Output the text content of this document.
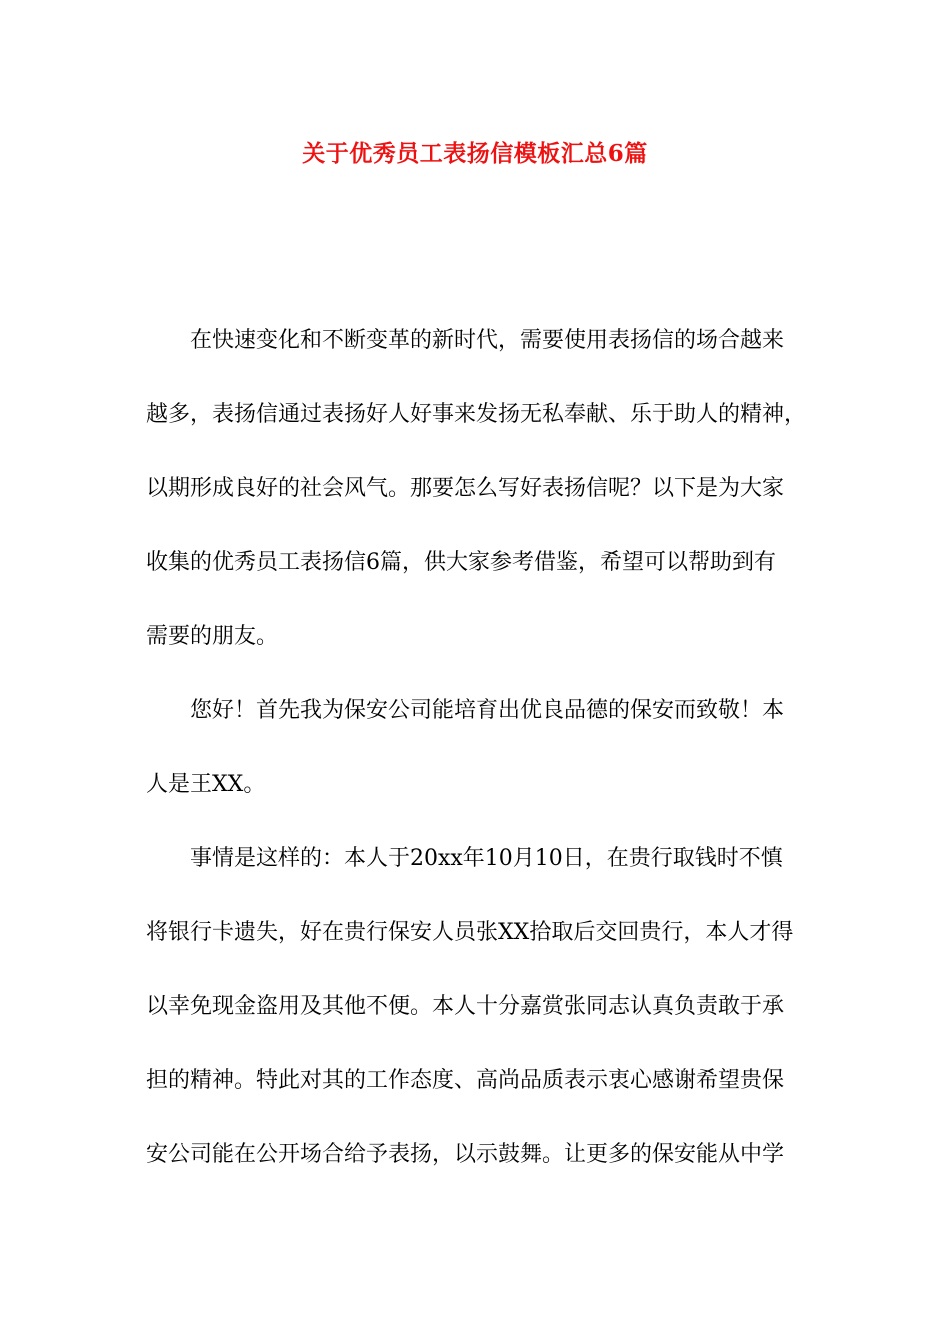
关于优秀员工表扬信模板汇总6篇
在快速变化和不断变革的新时代，需要使用表扬信的场合越来
越多，表扬信通过表扬好人好事来发扬无私奉献、乐于助人的精神，
以期形成良好的社会风气。那要怎么写好表扬信呢？以下是为大家
收集的优秀员工表扬信6篇，供大家参考借鉴，希望可以帮助到有
需要的朋友。
您好！首先我为保安公司能培育出优良品德的保安而致敬！本
人是王XX。
事情是这样的：本人于20xx年10月10日，在贵行取钱时不慎
将银行卡遗失，好在贵行保安人员张XX拾取后交回贵行，本人才得
以幸免现金盗用及其他不便。本人十分嘉赏张同志认真负责敢于承
担的精神。特此对其的工作态度、高尚品质表示衷心感谢希望贵保
安公司能在公开场合给予表扬，以示鼓舞。让更多的保安能从中学
